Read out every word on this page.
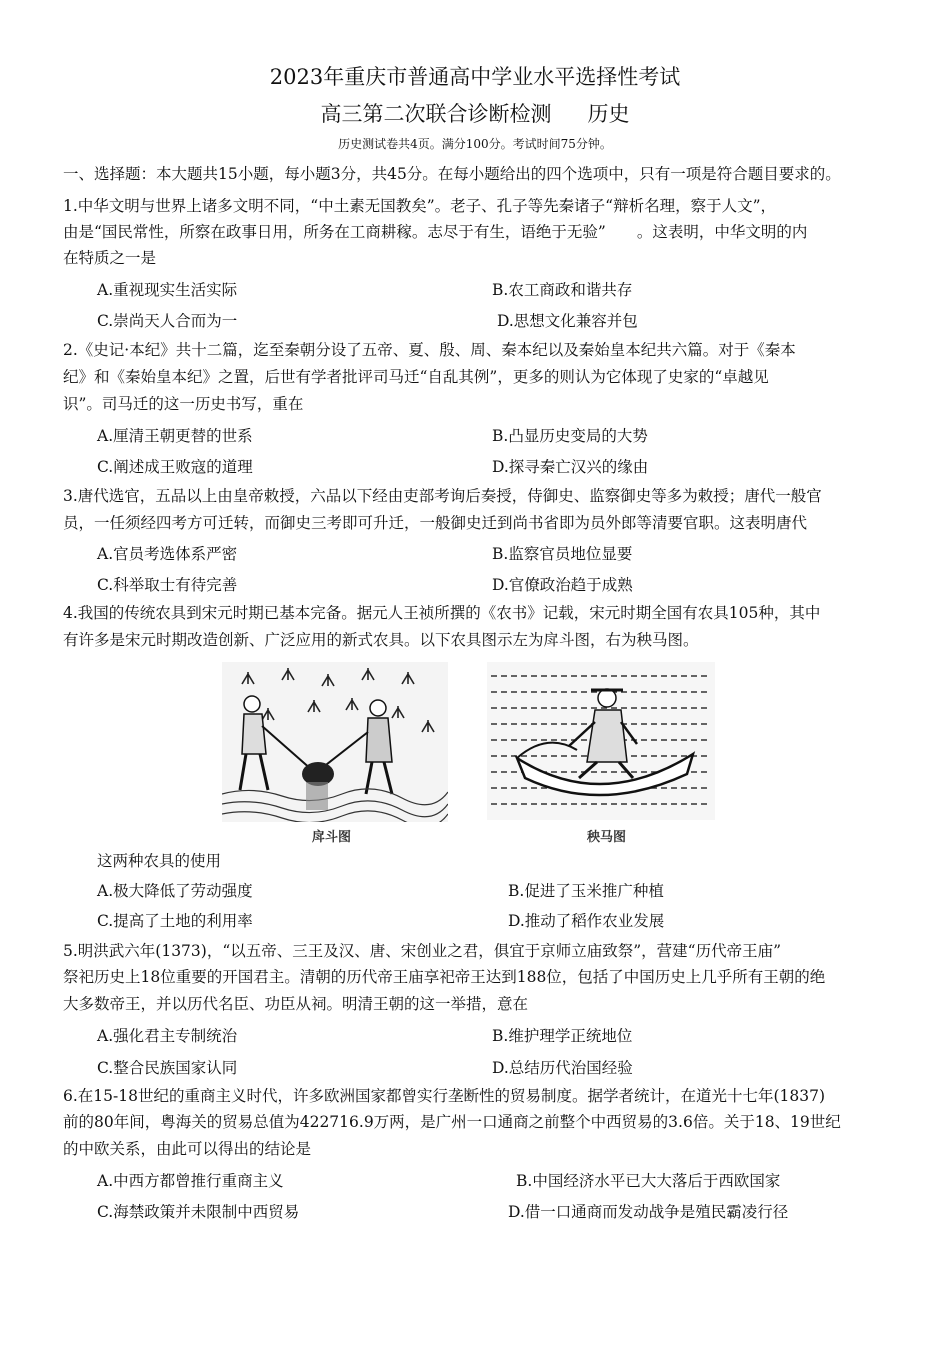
2023年重庆市普通高中学业水平选择性考试
高三第二次联合诊断检测 历史
历史测试卷共4页。满分100分。考试时间75分钟。
一、选择题：本大题共15小题，每小题3分，共45分。在每小题给出的四个选项中，只有一项是符合题目要求的。
1.中华文明与世界上诸多文明不同，“中土素无国教矣”。老子、孔子等先秦诸子“辩析名理，察于人文”，
由是“国民常性，所察在政事日用，所务在工商耕稼。志尽于有生，语绝于无验”　　。这表明，中华文明的内
在特质之一是
A.重视现实生活实际	B.农工商政和谐共存
C.崇尚天人合而为一	D.思想文化兼容并包
2.《史记·本纪》共十二篇，迄至秦朝分设了五帝、夏、殷、周、秦本纪以及秦始皇本纪共六篇。对于《秦本
纪》和《秦始皇本纪》之置，后世有学者批评司马迁“自乱其例”，更多的则认为它体现了史家的“卓越见
识”。司马迁的这一历史书写，重在
A.厘清王朝更替的世系	B.凸显历史变局的大势
C.阐述成王败寇的道理	D.探寻秦亡汉兴的缘由
3.唐代选官，五品以上由皇帝敕授，六品以下经由吏部考询后奏授，侍御史、监察御史等多为敕授；唐代一般官
员，一任须经四考方可迁转，而御史三考即可升迁，一般御史迁到尚书省即为员外郎等清要官职。这表明唐代
A.官员考选体系严密	B.监察官员地位显要
C.科举取士有待完善	D.官僚政治趋于成熟
4.我国的传统农具到宋元时期已基本完备。据元人王祯所撰的《农书》记载，宋元时期全国有农具105种，其中
有许多是宋元时期改造创新、广泛应用的新式农具。以下农具图示左为戽斗图，右为秧马图。
戽斗图	秧马图
这两种农具的使用
A.极大降低了劳动强度	B.促进了玉米推广种植
C.提高了土地的利用率	D.推动了稻作农业发展
5.明洪武六年(1373)，“以五帝、三王及汉、唐、宋创业之君，俱宜于京师立庙致祭”，营建“历代帝王庙”
祭祀历史上18位重要的开国君主。清朝的历代帝王庙享祀帝王达到188位，包括了中国历史上几乎所有王朝的绝
大多数帝王，并以历代名臣、功臣从祠。明清王朝的这一举措，意在
A.强化君主专制统治	B.维护理学正统地位
C.整合民族国家认同	D.总结历代治国经验
6.在15-18世纪的重商主义时代，许多欧洲国家都曾实行垄断性的贸易制度。据学者统计，在道光十七年(1837)
前的80年间，粤海关的贸易总值为422716.9万两，是广州一口通商之前整个中西贸易的3.6倍。关于18、19世纪
的中欧关系，由此可以得出的结论是
A.中西方都曾推行重商主义	B.中国经济水平已大大落后于西欧国家
C.海禁政策并未限制中西贸易	D.借一口通商而发动战争是殖民霸凌行径
